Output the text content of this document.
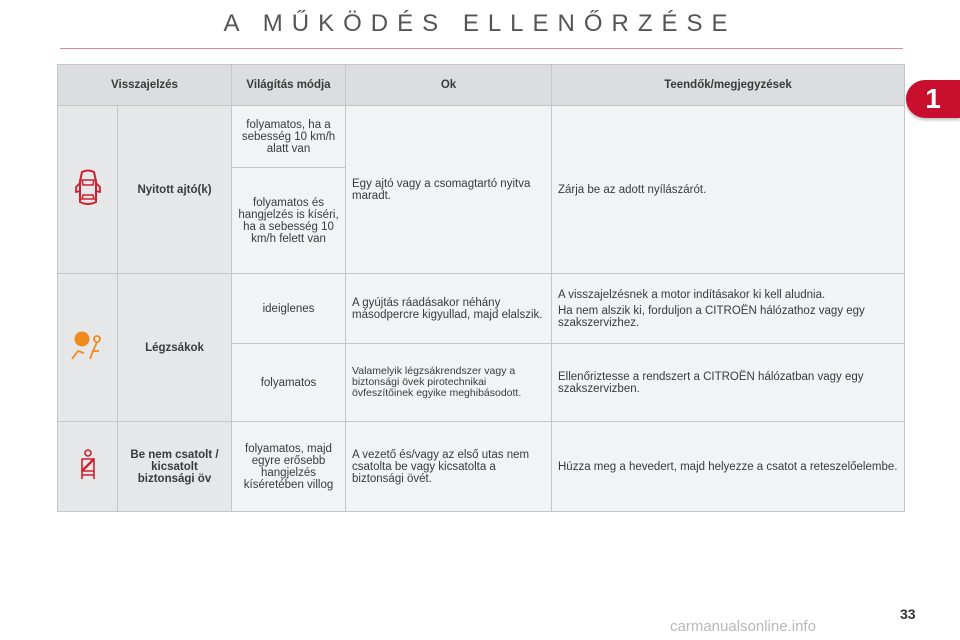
A MŰKÖDÉS ELLENŐRZÉSE
1
Visszajelzés		Világítás módja	Ok	Teendők/megjegyzések
	Nyitott ajtó(k)	folyamatos, ha a sebesség 10 km/h alatt van	Egy ajtó vagy a csomagtartó nyitva maradt.	Zárja be az adott nyílászárót.
		folyamatos és hangjelzés is kíséri, ha a sebesség 10 km/h felett van		
	Légzsákok	ideiglenes	A gyújtás ráadásakor néhány másodpercre kigyullad, majd elalszik.	A visszajelzésnek a motor indításakor ki kell aludnia.

Ha nem alszik ki, forduljon a CITROËN hálózathoz vagy egy szakszervizhez.

		folyamatos	Valamelyik légzsákrendszer vagy a biztonsági övek pirotechnikai övfeszítőinek egyike meghibásodott.	Ellenőriztesse a rendszert a CITROËN hálózatban vagy egy szakszervizben.
	Be nem csatolt / kicsatolt biztonsági öv	folyamatos, majd egyre erősebb hangjelzés kíséretében villog	A vezető és/vagy az első utas nem csatolta be vagy kicsatolta a biztonsági övét.	Húzza meg a hevedert, majd helyezze a csatot a reteszelőelembe.
33
carmanualsonline.info
